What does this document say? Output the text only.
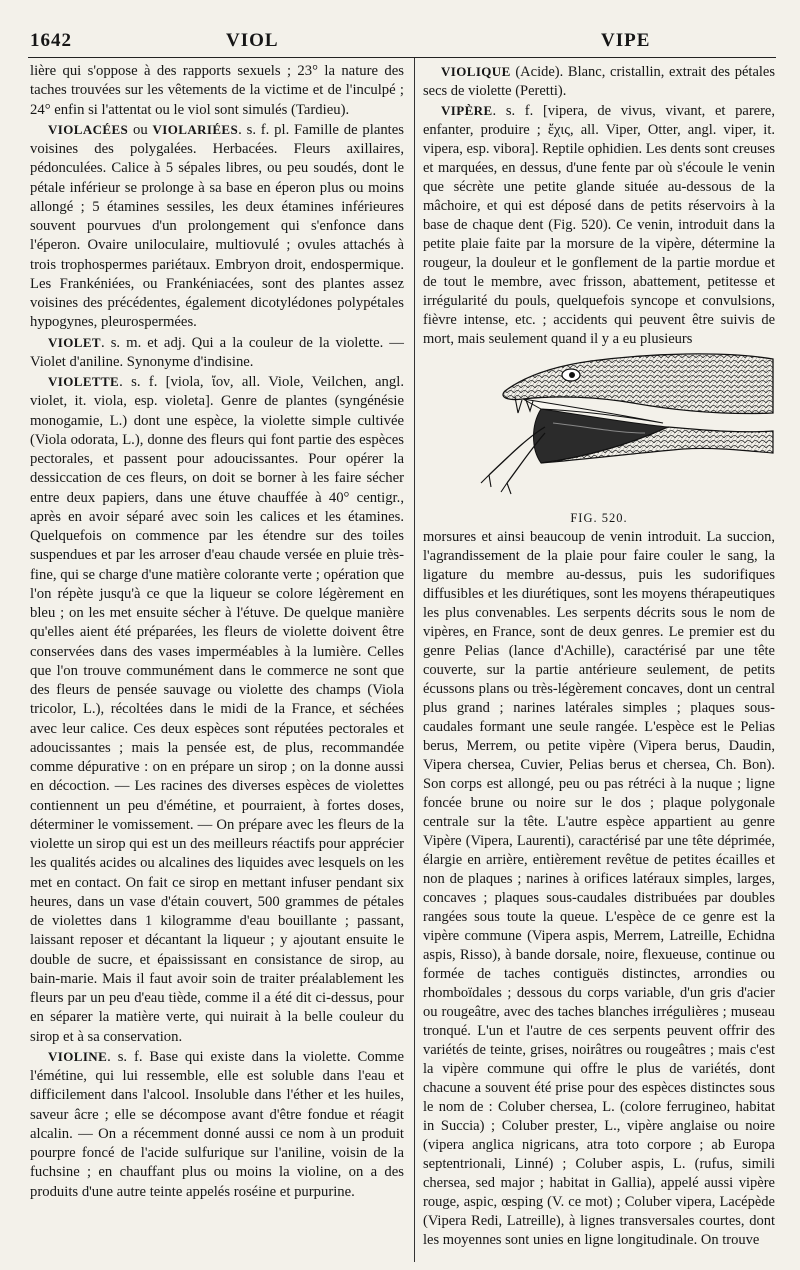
1642	VIOL	VIPE

lière qui s'oppose à des rapports sexuels ; 23° la nature des taches trouvées sur les vêtements de la victime et de l'inculpé ; 24° enfin si l'attentat ou le viol sont simulés (Tardieu).

VIOLACÉES ou VIOLARIÉES. s. f. pl. Famille de plantes voisines des polygalées. Herbacées. Fleurs axillaires, pédonculées. Calice à 5 sépales libres, ou peu soudés, dont le pétale inférieur se prolonge à sa base en éperon plus ou moins allongé ; 5 étamines sessiles, les deux étamines inférieures souvent pourvues d'un prolongement qui s'enfonce dans l'éperon. Ovaire uniloculaire, multiovulé ; ovules attachés à trois trophospermes pariétaux. Embryon droit, endospermique. Les Frankéniées, ou Frankéniacées, sont des plantes assez voisines des précédentes, également dicotylédones polypétales hypogynes, pleurospermées.

VIOLET. s. m. et adj. Qui a la couleur de la violette. — Violet d'aniline. Synonyme d'indisine.

VIOLETTE. s. f. [viola, ἴον, all. Viole, Veilchen, angl. violet, it. viola, esp. violeta]. Genre de plantes (syngénésie monogamie, L.) dont une espèce, la violette simple cultivée (Viola odorata, L.), donne des fleurs qui font partie des espèces pectorales, et passent pour adoucissantes. Pour opérer la dessiccation de ces fleurs, on doit se borner à les faire sécher entre deux papiers, dans une étuve chauffée à 40° centigr., après en avoir séparé avec soin les calices et les étamines. Quelquefois on commence par les étendre sur des toiles suspendues et par les arroser d'eau chaude versée en pluie très-fine, qui se charge d'une matière colorante verte ; opération que l'on répète jusqu'à ce que la liqueur se colore légèrement en bleu ; on les met ensuite sécher à l'étuve. De quelque manière qu'elles aient été préparées, les fleurs de violette doivent être conservées dans des vases imperméables à la lumière. Celles que l'on trouve communément dans le commerce ne sont que des fleurs de pensée sauvage ou violette des champs (Viola tricolor, L.), récoltées dans le midi de la France, et séchées avec leur calice. Ces deux espèces sont réputées pectorales et adoucissantes ; mais la pensée est, de plus, recommandée comme dépurative : on en prépare un sirop ; on la donne aussi en décoction. — Les racines des diverses espèces de violettes contiennent un peu d'émétine, et pourraient, à fortes doses, déterminer le vomissement. — On prépare avec les fleurs de la violette un sirop qui est un des meilleurs réactifs pour apprécier les qualités acides ou alcalines des liquides avec lesquels on les met en contact. On fait ce sirop en mettant infuser pendant six heures, dans un vase d'étain couvert, 500 grammes de pétales de violettes dans 1 kilogramme d'eau bouillante ; passant, laissant reposer et décantant la liqueur ; y ajoutant ensuite le double de sucre, et épaississant en consistance de sirop, au bain-marie. Mais il faut avoir soin de traiter préalablement les fleurs par un peu d'eau tiède, comme il a été dit ci-dessus, pour en séparer la matière verte, qui nuirait à la belle couleur du sirop et à sa conservation.

VIOLINE. s. f. Base qui existe dans la violette. Comme l'émétine, qui lui ressemble, elle est soluble dans l'eau et difficilement dans l'alcool. Insoluble dans l'éther et les huiles, saveur âcre ; elle se décompose avant d'être fondue et réagit alcalin. — On a récemment donné aussi ce nom à un produit pourpre foncé de l'acide sulfurique sur l'aniline, voisin de la fuchsine ; en chauffant plus ou moins la violine, on a des produits d'une autre teinte appelés roséine et purpurine.

VIOLIQUE (Acide). Blanc, cristallin, extrait des pétales secs de violette (Peretti).

VIPÈRE. s. f. [vipera, de vivus, vivant, et parere, enfanter, produire ; ἔχις, all. Viper, Otter, angl. viper, it. vipera, esp. vibora]. Reptile ophidien. Les dents sont creuses et marquées, en dessus, d'une fente par où s'écoule le venin que sécrète une petite glande située au-dessous de la mâchoire, et qui est déposé dans de petits réservoirs à la base de chaque dent (Fig. 520). Ce venin, introduit dans la petite plaie faite par la morsure de la vipère, détermine la rougeur, la douleur et le gonflement de la partie mordue et de tout le membre, avec frisson, abattement, petitesse et irrégularité du pouls, quelquefois syncope et convulsions, fièvre intense, etc. ; accidents qui peuvent être suivis de mort, mais seulement quand il y a eu plusieurs

FIG. 520.

morsures et ainsi beaucoup de venin introduit. La succion, l'agrandissement de la plaie pour faire couler le sang, la ligature du membre au-dessus, puis les sudorifiques diffusibles et les diurétiques, sont les moyens thérapeutiques les plus convenables. Les serpents décrits sous le nom de vipères, en France, sont de deux genres. Le premier est du genre Pelias (lance d'Achille), caractérisé par une tête couverte, sur la partie antérieure seulement, de petits écussons plans ou très-légèrement concaves, dont un central plus grand ; narines latérales simples ; plaques sous-caudales formant une seule rangée. L'espèce est le Pelias berus, Merrem, ou petite vipère (Vipera berus, Daudin, Vipera chersea, Cuvier, Pelias berus et chersea, Ch. Bon). Son corps est allongé, peu ou pas rétréci à la nuque ; ligne foncée brune ou noire sur le dos ; plaque polygonale centrale sur la tête. L'autre espèce appartient au genre Vipère (Vipera, Laurenti), caractérisé par une tête déprimée, élargie en arrière, entièrement revêtue de petites écailles et non de plaques ; narines à orifices latéraux simples, larges, concaves ; plaques sous-caudales distribuées par doubles rangées sous toute la queue. L'espèce de ce genre est la vipère commune (Vipera aspis, Merrem, Latreille, Echidna aspis, Risso), à bande dorsale, noire, flexueuse, continue ou formée de taches contiguës distinctes, arrondies ou rhomboïdales ; dessous du corps variable, d'un gris d'acier ou rougeâtre, avec des taches blanches irrégulières ; museau tronqué. L'un et l'autre de ces serpents peuvent offrir des variétés de teinte, grises, noirâtres ou rougeâtres ; mais c'est la vipère commune qui offre le plus de variétés, dont chacune a souvent été prise pour des espèces distinctes sous le nom de : Coluber chersea, L. (colore ferrugineo, habitat in Succia) ; Coluber prester, L., vipère anglaise ou noire (vipera anglica nigricans, atra toto corpore ; ab Europa septentrionali, Linné) ; Coluber aspis, L. (rufus, simili chersea, sed major ; habitat in Gallia), appelé aussi vipère rouge, aspic, œsping (V. ce mot) ; Coluber vipera, Lacépède (Vipera Redi, Latreille), à lignes transversales courtes, dont les moyennes sont unies en ligne longitudinale. On trouve
